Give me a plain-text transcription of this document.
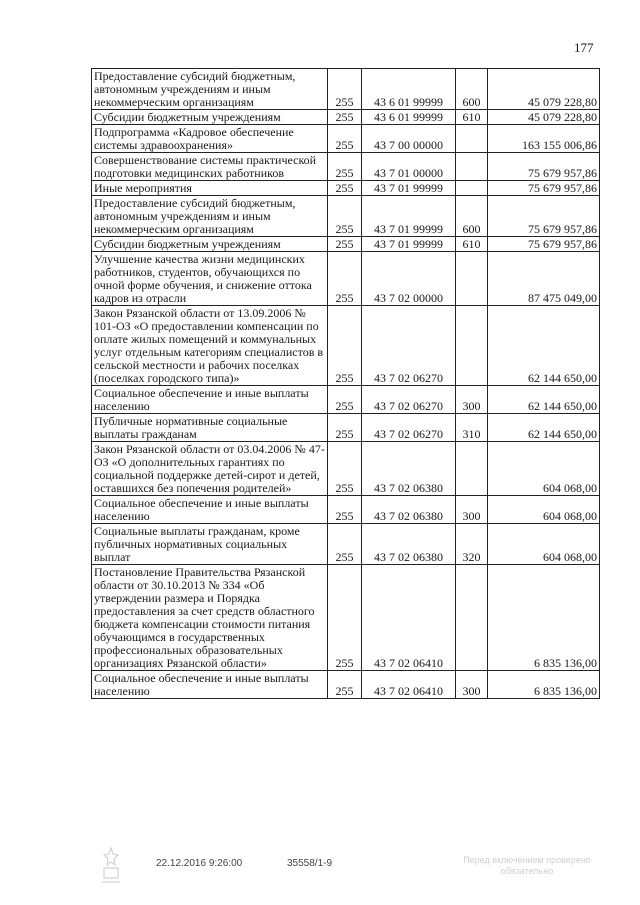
177
Предоставление субсидий бюджетным, автономным учреждениям и иным некоммерческим организациям	255	43 6 01 99999	600	45 079 228,80
Субсидии бюджетным учреждениям	255	43 6 01 99999	610	45 079 228,80
Подпрограмма «Кадровое обеспечение системы здравоохранения»	255	43 7 00 00000		163 155 006,86
Совершенствование системы практической подготовки медицинских работников	255	43 7 01 00000		75 679 957,86
Иные мероприятия	255	43 7 01 99999		75 679 957,86
Предоставление субсидий бюджетным, автономным учреждениям и иным некоммерческим организациям	255	43 7 01 99999	600	75 679 957,86
Субсидии бюджетным учреждениям	255	43 7 01 99999	610	75 679 957,86
Улучшение качества жизни медицинских работников, студентов, обучающихся по очной форме обучения, и снижение оттока кадров из отрасли	255	43 7 02 00000		87 475 049,00
Закон Рязанской области от 13.09.2006 № 101-ОЗ «О предоставлении компенсации по оплате жилых помещений и коммунальных услуг отдельным категориям специалистов в сельской местности и рабочих поселках (поселках городского типа)»	255	43 7 02 06270		62 144 650,00
Социальное обеспечение и иные выплаты населению	255	43 7 02 06270	300	62 144 650,00
Публичные нормативные социальные выплаты гражданам	255	43 7 02 06270	310	62 144 650,00
Закон Рязанской области от 03.04.2006 № 47-ОЗ «О дополнительных гарантиях по социальной поддержке детей-сирот и детей, оставшихся без попечения родителей»	255	43 7 02 06380		604 068,00
Социальное обеспечение и иные выплаты населению	255	43 7 02 06380	300	604 068,00
Социальные выплаты гражданам, кроме публичных нормативных социальных выплат	255	43 7 02 06380	320	604 068,00
Постановление Правительства Рязанской области от 30.10.2013 № 334 «Об утверждении размера и Порядка предоставления за счет средств областного бюджета компенсации стоимости питания обучающимся в государственных профессиональных образовательных организациях Рязанской области»	255	43 7 02 06410		6 835 136,00
Социальное обеспечение и иные выплаты населению	255	43 7 02 06410	300	6 835 136,00
22.12.2016 9:26:00	35558/1-9	Перед включением проверено
обязательно
